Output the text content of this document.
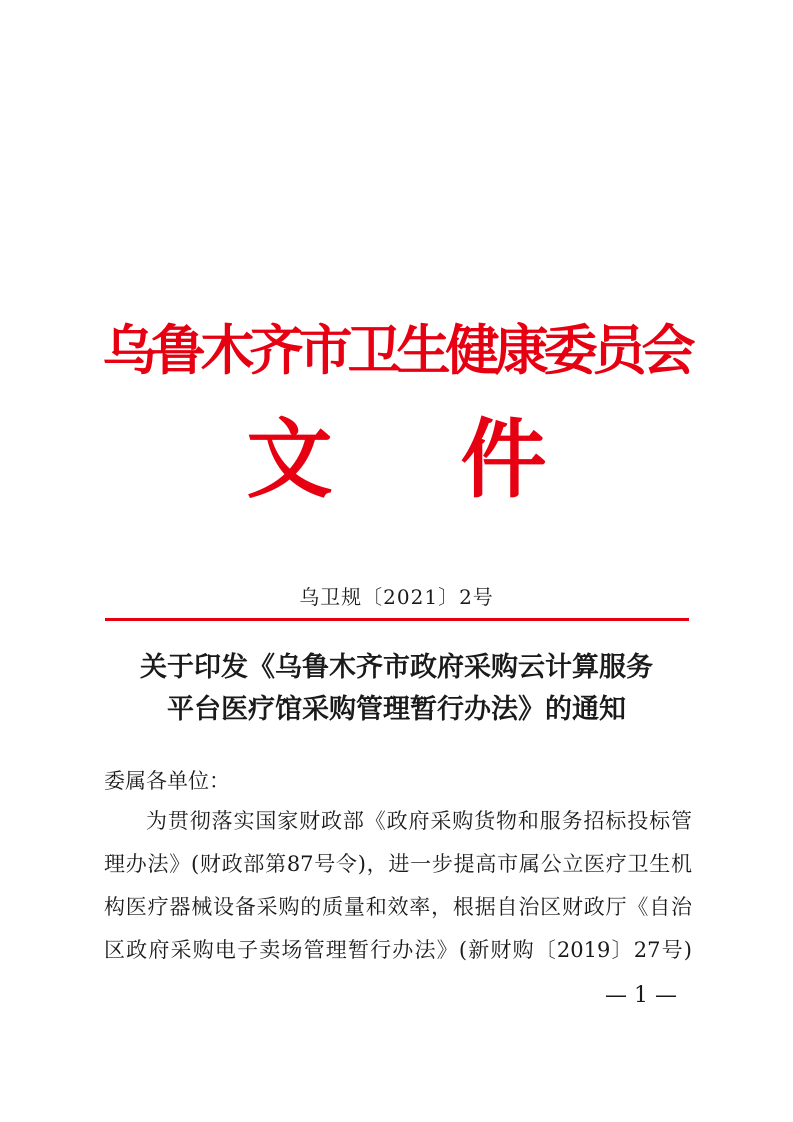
乌鲁木齐市卫生健康委员会
文件
乌卫规〔2021〕2号
关于印发《乌鲁木齐市政府采购云计算服务
平台医疗馆采购管理暂行办法》的通知
委属各单位：
为贯彻落实国家财政部《政府采购货物和服务招标投标管
理办法》(财政部第87号令)，进一步提高市属公立医疗卫生机
构医疗器械设备采购的质量和效率，根据自治区财政厅《自治
区政府采购电子卖场管理暂行办法》(新财购〔2019〕27号)
— 1 —
